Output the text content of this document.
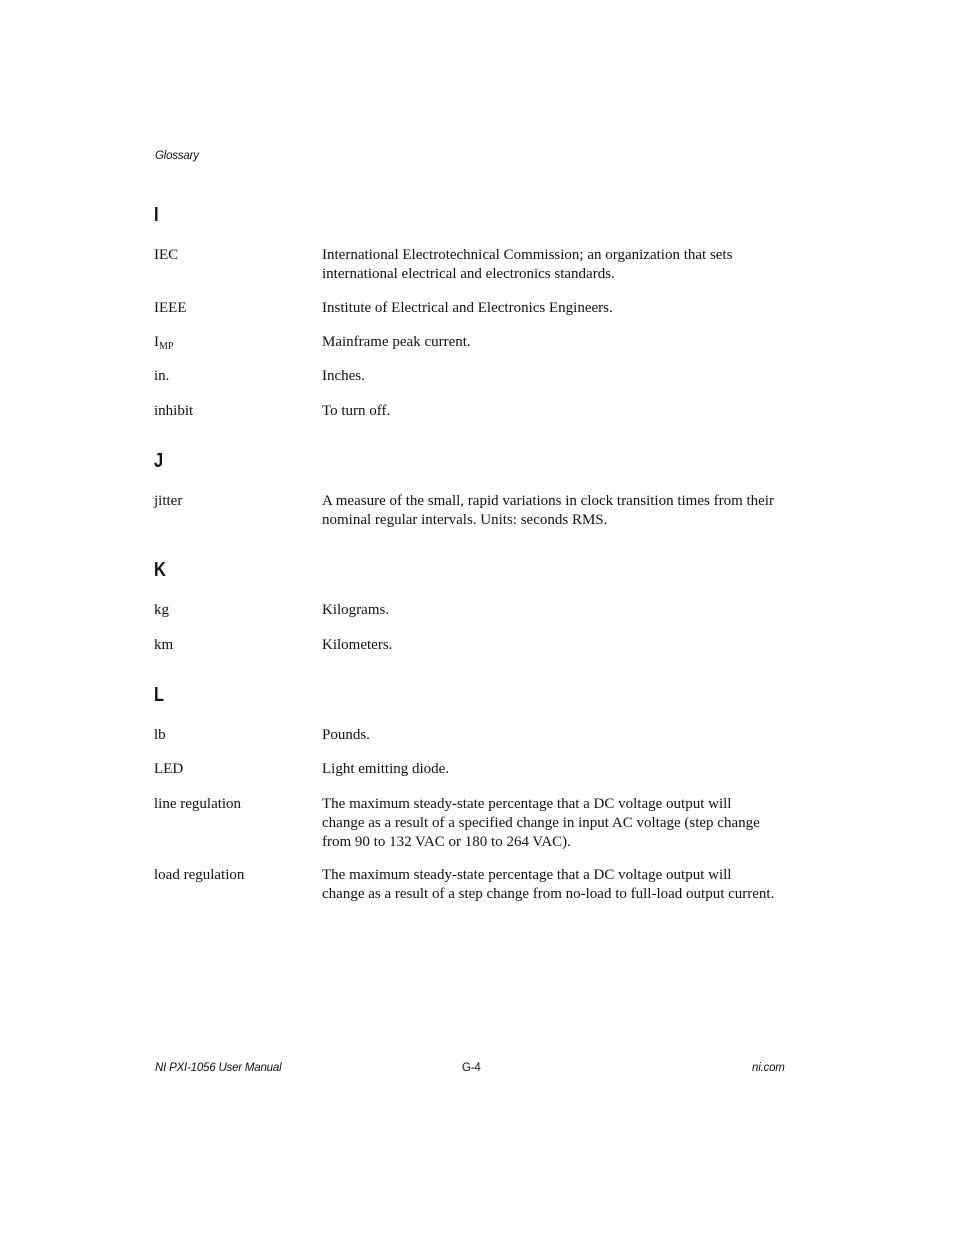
Glossary
I
IEC	International Electrotechnical Commission; an organization that sets
international electrical and electronics standards.
IEEE	Institute of Electrical and Electronics Engineers.
$I_{MP}$	Mainframe peak current.
in.	Inches.
inhibit	To turn off.
J
jitter	A measure of the small, rapid variations in clock transition times from their
nominal regular intervals. Units: seconds RMS.
K
kg	Kilograms.
km	Kilometers.
L
lb	Pounds.
LED	Light emitting diode.
line regulation	The maximum steady-state percentage that a DC voltage output will
change as a result of a specified change in input AC voltage (step change
from 90 to 132 VAC or 180 to 264 VAC).
load regulation	The maximum steady-state percentage that a DC voltage output will
change as a result of a step change from no-load to full-load output current.
NI PXI-1056 User Manual	G-4	ni.com
